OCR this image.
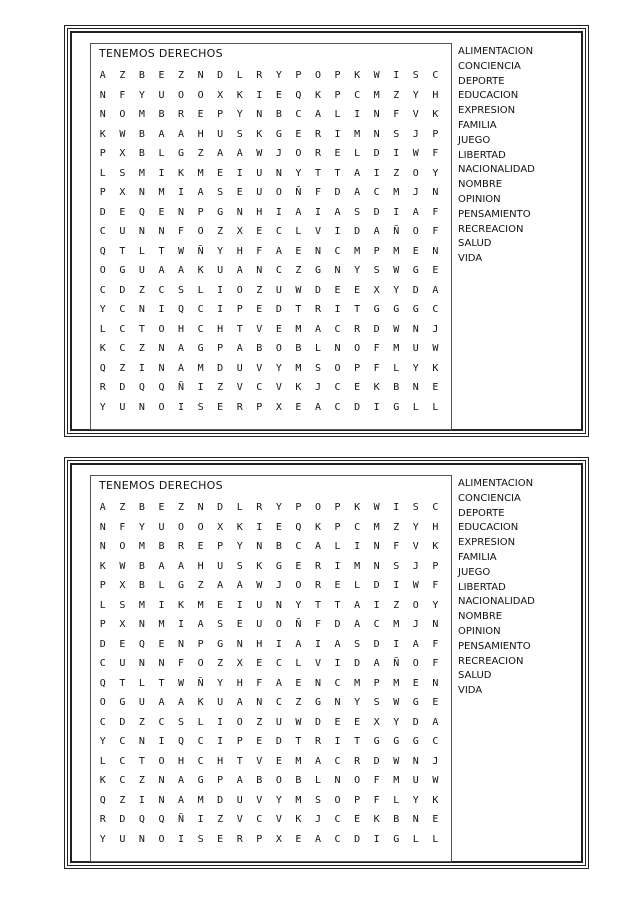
TENEMOS DERECHOS
A	Z	B	E	Z	N	D	L	R	Y	P	O	P	K	W	I	S	C
N	F	Y	U	O	O	X	K	I	E	Q	K	P	C	M	Z	Y	H
N	O	M	B	R	E	P	Y	N	B	C	A	L	I	N	F	V	K
K	W	B	A	A	H	U	S	K	G	E	R	I	M	N	S	J	P
P	X	B	L	G	Z	A	A	W	J	O	R	E	L	D	I	W	F
L	S	M	I	K	M	E	I	U	N	Y	T	T	A	I	Z	O	Y
P	X	N	M	I	A	S	E	U	O	Ñ	F	D	A	C	M	J	N
D	E	Q	E	N	P	G	N	H	I	A	I	A	S	D	I	A	F
C	U	N	N	F	O	Z	X	E	C	L	V	I	D	A	Ñ	O	F
Q	T	L	T	W	Ñ	Y	H	F	A	E	N	C	M	P	M	E	N
O	G	U	A	A	K	U	A	N	C	Z	G	N	Y	S	W	G	E
C	D	Z	C	S	L	I	O	Z	U	W	D	E	E	X	Y	D	A
Y	C	N	I	Q	C	I	P	E	D	T	R	I	T	G	G	G	C
L	C	T	O	H	C	H	T	V	E	M	A	C	R	D	W	N	J
K	C	Z	N	A	G	P	A	B	O	B	L	N	O	F	M	U	W
Q	Z	I	N	A	M	D	U	V	Y	M	S	O	P	F	L	Y	K
R	D	Q	Q	Ñ	I	Z	V	C	V	K	J	C	E	K	B	N	E
Y	U	N	O	I	S	E	R	P	X	E	A	C	D	I	G	L	L
ALIMENTACION
CONCIENCIA
DEPORTE
EDUCACION
EXPRESION
FAMILIA
JUEGO
LIBERTAD
NACIONALIDAD
NOMBRE
OPINION
PENSAMIENTO
RECREACION
SALUD
VIDA
TENEMOS DERECHOS
A	Z	B	E	Z	N	D	L	R	Y	P	O	P	K	W	I	S	C
N	F	Y	U	O	O	X	K	I	E	Q	K	P	C	M	Z	Y	H
N	O	M	B	R	E	P	Y	N	B	C	A	L	I	N	F	V	K
K	W	B	A	A	H	U	S	K	G	E	R	I	M	N	S	J	P
P	X	B	L	G	Z	A	A	W	J	O	R	E	L	D	I	W	F
L	S	M	I	K	M	E	I	U	N	Y	T	T	A	I	Z	O	Y
P	X	N	M	I	A	S	E	U	O	Ñ	F	D	A	C	M	J	N
D	E	Q	E	N	P	G	N	H	I	A	I	A	S	D	I	A	F
C	U	N	N	F	O	Z	X	E	C	L	V	I	D	A	Ñ	O	F
Q	T	L	T	W	Ñ	Y	H	F	A	E	N	C	M	P	M	E	N
O	G	U	A	A	K	U	A	N	C	Z	G	N	Y	S	W	G	E
C	D	Z	C	S	L	I	O	Z	U	W	D	E	E	X	Y	D	A
Y	C	N	I	Q	C	I	P	E	D	T	R	I	T	G	G	G	C
L	C	T	O	H	C	H	T	V	E	M	A	C	R	D	W	N	J
K	C	Z	N	A	G	P	A	B	O	B	L	N	O	F	M	U	W
Q	Z	I	N	A	M	D	U	V	Y	M	S	O	P	F	L	Y	K
R	D	Q	Q	Ñ	I	Z	V	C	V	K	J	C	E	K	B	N	E
Y	U	N	O	I	S	E	R	P	X	E	A	C	D	I	G	L	L
ALIMENTACION
CONCIENCIA
DEPORTE
EDUCACION
EXPRESION
FAMILIA
JUEGO
LIBERTAD
NACIONALIDAD
NOMBRE
OPINION
PENSAMIENTO
RECREACION
SALUD
VIDA
